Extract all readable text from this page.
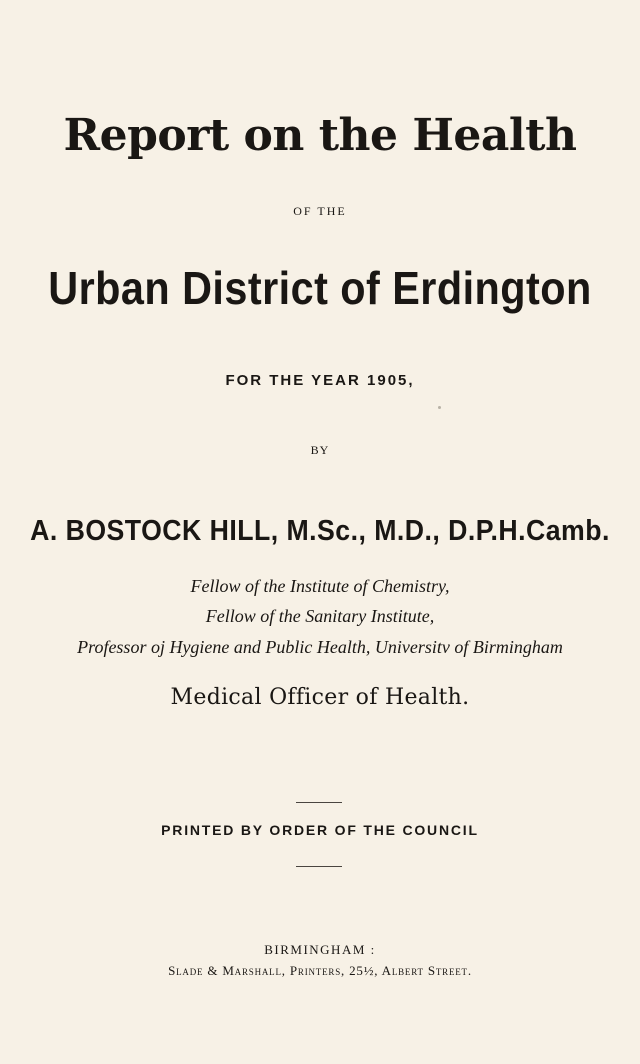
Report on the Health
OF THE
Urban District of Erdington
FOR THE YEAR 1905,
BY
A. BOSTOCK HILL, M.Sc., M.D., D.P.H.Camb.
Fellow of the Institute of Chemistry,
Fellow of the Sanitary Institute,
Professor oj Hygiene and Public Health, Universitv of Birmingham
Medical Officer of Health.
PRINTED BY ORDER OF THE COUNCIL
BIRMINGHAM :
Slade & Marshall, Printers, 25½, Albert Street.
